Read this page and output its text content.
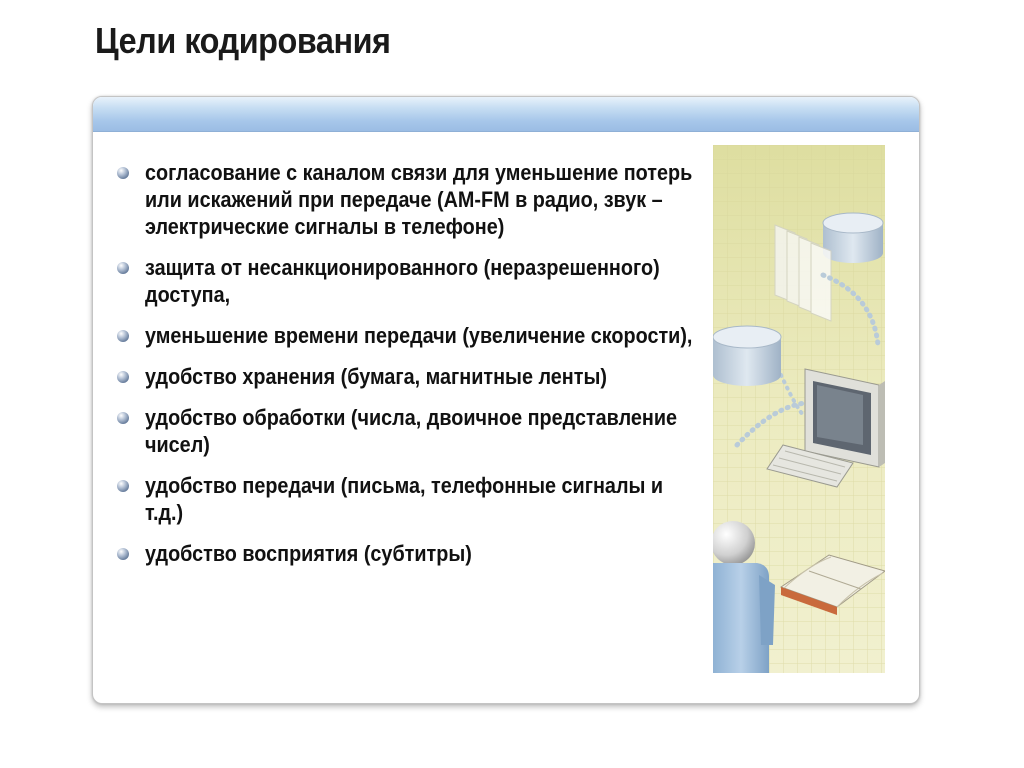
Цели кодирования
согласование с каналом связи для уменьшение потерь или искажений при передаче (AM-FM в радио, звук – электрические сигналы в телефоне)
защита от несанкционированного (неразрешенного) доступа,
уменьшение времени передачи (увеличение скорости),
удобство хранения (бумага, магнитные ленты)
удобство обработки (числа, двоичное представление чисел)
удобство передачи (письма, телефонные сигналы и т.д.)
удобство восприятия (субтитры)
